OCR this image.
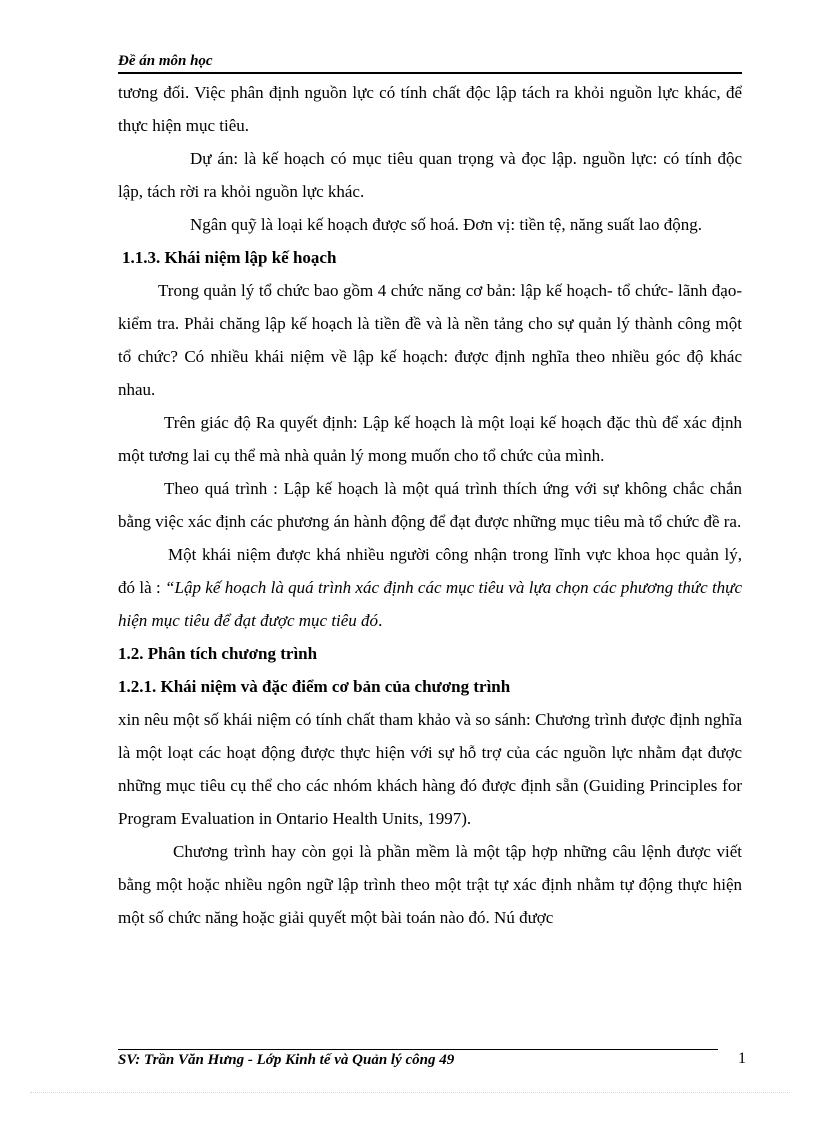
Đề án môn học

tương đối. Việc phân định nguồn lực có tính chất độc lập tách ra khỏi nguồn lực khác, để thực hiện mục tiêu.

Dự án: là kế hoạch có mục tiêu quan trọng và đọc lập. nguồn lực: có tính độc lập, tách rời ra khỏi nguồn lực khác.

Ngân quỹ là loại kế hoạch được số hoá. Đơn vị: tiền tệ, năng suất lao động.

1.1.3. Khái niệm lập kế hoạch

Trong quản lý tổ chức bao gồm 4 chức năng cơ bản: lập kế hoạch- tổ chức- lãnh đạo- kiểm tra. Phải chăng lập kế hoạch là tiền đề và là nền tảng cho sự quản lý thành công một tổ chức? Có nhiều khái niệm về lập kế hoạch: được định nghĩa theo nhiều góc độ khác nhau.

Trên giác độ Ra quyết định: Lập kế hoạch là một loại kế hoạch đặc thù để xác định một tương lai cụ thể mà nhà quản lý mong muốn cho tổ chức của mình.

Theo quá trình : Lập kế hoạch là một quá trình thích ứng với sự không chắc chắn bằng việc xác định các phương án hành động để đạt được những mục tiêu mà tổ chức đề ra.

Một khái niệm được khá nhiều người công nhận trong lĩnh vực khoa học quản lý, đó là : “Lập kế hoạch là quá trình xác định các mục tiêu và lựa chọn các phương thức thực hiện mục tiêu để đạt được mục tiêu đó.

1.2. Phân tích chương trình

1.2.1. Khái niệm và đặc điểm cơ bản của chương trình

xin nêu một số khái niệm có tính chất tham khảo và so sánh: Chương trình được định nghĩa là một loạt các hoạt động được thực hiện với sự hỗ trợ của các nguồn lực nhằm đạt được những mục tiêu cụ thể cho các nhóm khách hàng đó được định sẵn (Guiding Principles for Program Evaluation in Ontario Health Units, 1997).

Chương trình hay còn gọi là phần mềm là một tập hợp những câu lệnh được viết bằng một hoặc nhiều ngôn ngữ lập trình theo một trật tự xác định nhằm tự động thực hiện một số chức năng hoặc giải quyết một bài toán nào đó. Nú được

SV: Trần Văn Hưng - Lớp Kinh tế và Quản lý công 49	1
